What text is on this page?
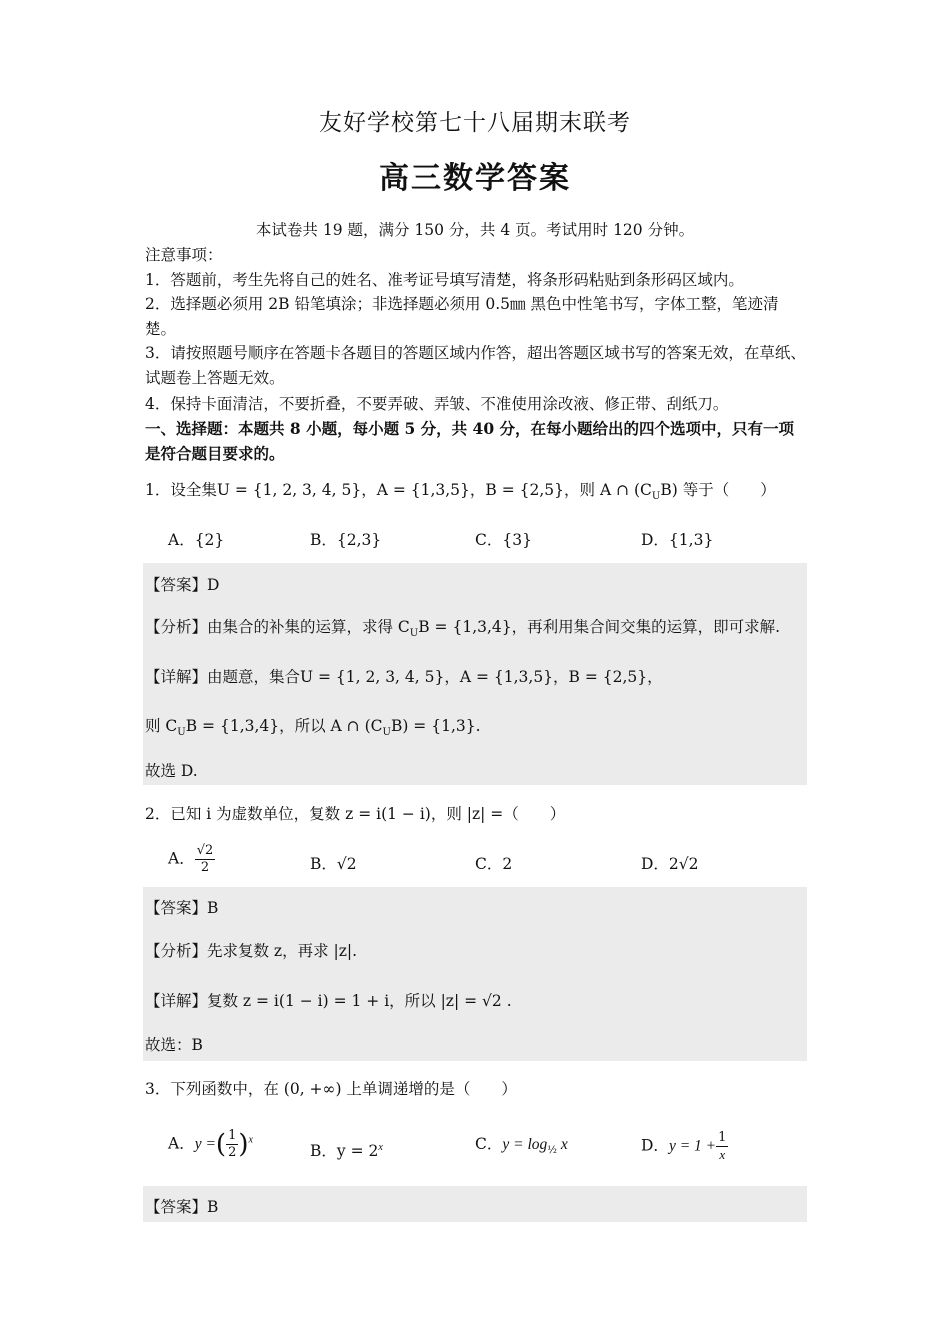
友好学校第七十八届期末联考
高三数学答案
本试卷共 19 题，满分 150 分，共 4 页。考试用时 120 分钟。
注意事项：
1．答题前，考生先将自己的姓名、准考证号填写清楚，将条形码粘贴到条形码区域内。
2．选择题必须用 2B 铅笔填涂；非选择题必须用 0.5㎜ 黑色中性笔书写，字体工整，笔迹清楚。
3．请按照题号顺序在答题卡各题目的答题区域内作答，超出答题区域书写的答案无效，在草纸、试题卷上答题无效。
4．保持卡面清洁，不要折叠，不要弄破、弄皱、不准使用涂改液、修正带、刮纸刀。
一、选择题：本题共 8 小题，每小题 5 分，共 40 分，在每小题给出的四个选项中，只有一项是符合题目要求的。
1．设全集U = {1, 2, 3, 4, 5}，A = {1,3,5}，B = {2,5}，则 A ∩ $(C_UB)$ 等于（　　）
A．{2}	B．{2,3}	C．{3}	D．{1,3}
【答案】D
【分析】由集合的补集的运算，求得 $C_UB = \{1,3,4\}$，再利用集合间交集的运算，即可求解.
【详解】由题意，集合U = {1, 2, 3, 4, 5}，A = {1,3,5}，B = {2,5}，
则 $C_UB = \{1,3,4\}$，所以 A ∩ $(C_UB) = \{1,3\}$.
故选 D.
2．已知 i 为虚数单位，复数 z = i(1 − i)，则 |z| =（　　）
A． $\frac{√2}{2}$	B．√2	C．2	D．2√2
【答案】B
【分析】先求复数 z，再求 |z|.
【详解】复数 z = i(1 − i) = 1 + i，所以 |z| = √2 .
故选：B
3．下列函数中，在 (0, +∞) 上单调递增的是（　　）
A．y =( $\frac{1}{2} )^x$
B．$y = 2^x$	C．$y = \log_{\frac{1}{2}} x$	D．$y = 1 + \frac{1}{x}$
【答案】B
